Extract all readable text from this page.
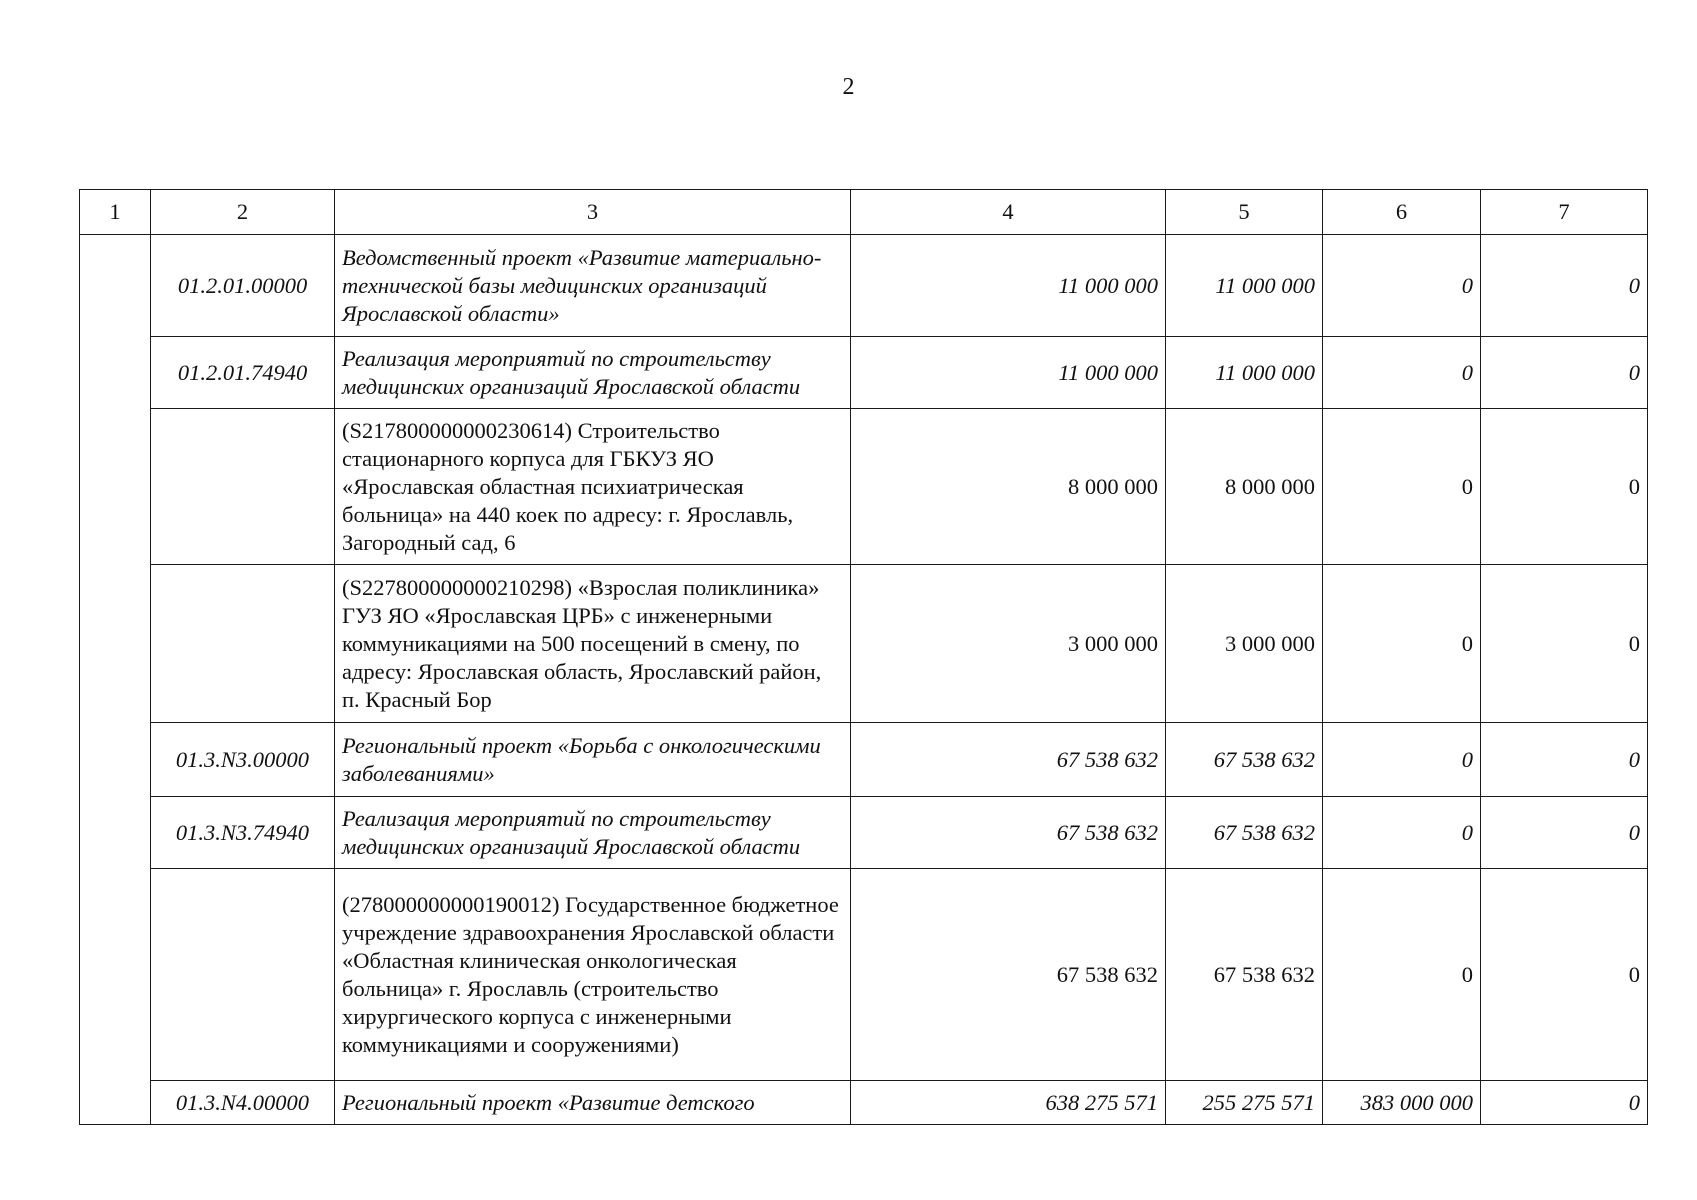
2
1	2	3	4	5	6	7
	01.2.01.00000	Ведомственный проект «Развитие материально-технической базы медицинских организаций Ярославской области»	11 000 000	11 000 000	0	0
	01.2.01.74940	Реализация мероприятий по строительству медицинских организаций Ярославской области	11 000 000	11 000 000	0	0
		(S217800000000230614) Строительство стационарного корпуса для ГБКУЗ ЯО «Ярославская областная психиатрическая больница» на 440 коек по адресу: г. Ярославль, Загородный сад, 6	8 000 000	8 000 000	0	0
		(S227800000000210298) «Взрослая поликлиника» ГУЗ ЯО «Ярославская ЦРБ» с инженерными коммуникациями на 500 посещений в смену, по адресу: Ярославская область, Ярославский район, п. Красный Бор	3 000 000	3 000 000	0	0
	01.3.N3.00000	Региональный проект «Борьба с онкологическими заболеваниями»	67 538 632	67 538 632	0	0
	01.3.N3.74940	Реализация мероприятий по строительству медицинских организаций Ярославской области	67 538 632	67 538 632	0	0
		(278000000000190012) Государственное бюджетное учреждение здравоохранения Ярославской области «Областная клиническая онкологическая больница» г. Ярославль (строительство хирургического корпуса с инженерными коммуникациями и сооружениями)	67 538 632	67 538 632	0	0
	01.3.N4.00000	Региональный проект «Развитие детского	638 275 571	255 275 571	383 000 000	0
